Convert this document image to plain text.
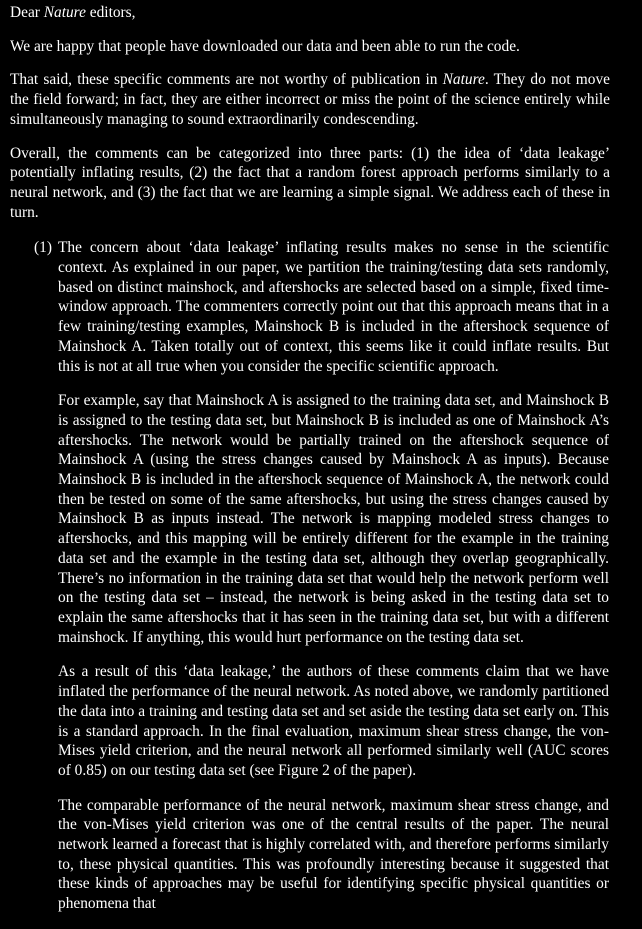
Dear Nature editors,

We are happy that people have downloaded our data and been able to run the code.

That said, these specific comments are not worthy of publication in Nature. They do not move the field forward; in fact, they are either incorrect or miss the point of the science entirely while simultaneously managing to sound extraordinarily condescending.

Overall, the comments can be categorized into three parts: (1) the idea of ‘data leakage’ potentially inflating results, (2) the fact that a random forest approach performs similarly to a neural network, and (3) the fact that we are learning a simple signal. We address each of these in turn.

(1) The concern about ‘data leakage’ inflating results makes no sense in the scientific context. As explained in our paper, we partition the training/testing data sets randomly, based on distinct mainshock, and aftershocks are selected based on a simple, fixed time-window approach. The commenters correctly point out that this approach means that in a few training/testing examples, Mainshock B is included in the aftershock sequence of Mainshock A. Taken totally out of context, this seems like it could inflate results. But this is not at all true when you consider the specific scientific approach.

For example, say that Mainshock A is assigned to the training data set, and Mainshock B is assigned to the testing data set, but Mainshock B is included as one of Mainshock A’s aftershocks. The network would be partially trained on the aftershock sequence of Mainshock A (using the stress changes caused by Mainshock A as inputs). Because Mainshock B is included in the aftershock sequence of Mainshock A, the network could then be tested on some of the same aftershocks, but using the stress changes caused by Mainshock B as inputs instead. The network is mapping modeled stress changes to aftershocks, and this mapping will be entirely different for the example in the training data set and the example in the testing data set, although they overlap geographically. There’s no information in the training data set that would help the network perform well on the testing data set – instead, the network is being asked in the testing data set to explain the same aftershocks that it has seen in the training data set, but with a different mainshock. If anything, this would hurt performance on the testing data set.

As a result of this ‘data leakage,’ the authors of these comments claim that we have inflated the performance of the neural network. As noted above, we randomly partitioned the data into a training and testing data set and set aside the testing data set early on. This is a standard approach. In the final evaluation, maximum shear stress change, the von-Mises yield criterion, and the neural network all performed similarly well (AUC scores of 0.85) on our testing data set (see Figure 2 of the paper).

The comparable performance of the neural network, maximum shear stress change, and the von-Mises yield criterion was one of the central results of the paper. The neural network learned a forecast that is highly correlated with, and therefore performs similarly to, these physical quantities. This was profoundly interesting because it suggested that these kinds of approaches may be useful for identifying specific physical quantities or phenomena that
